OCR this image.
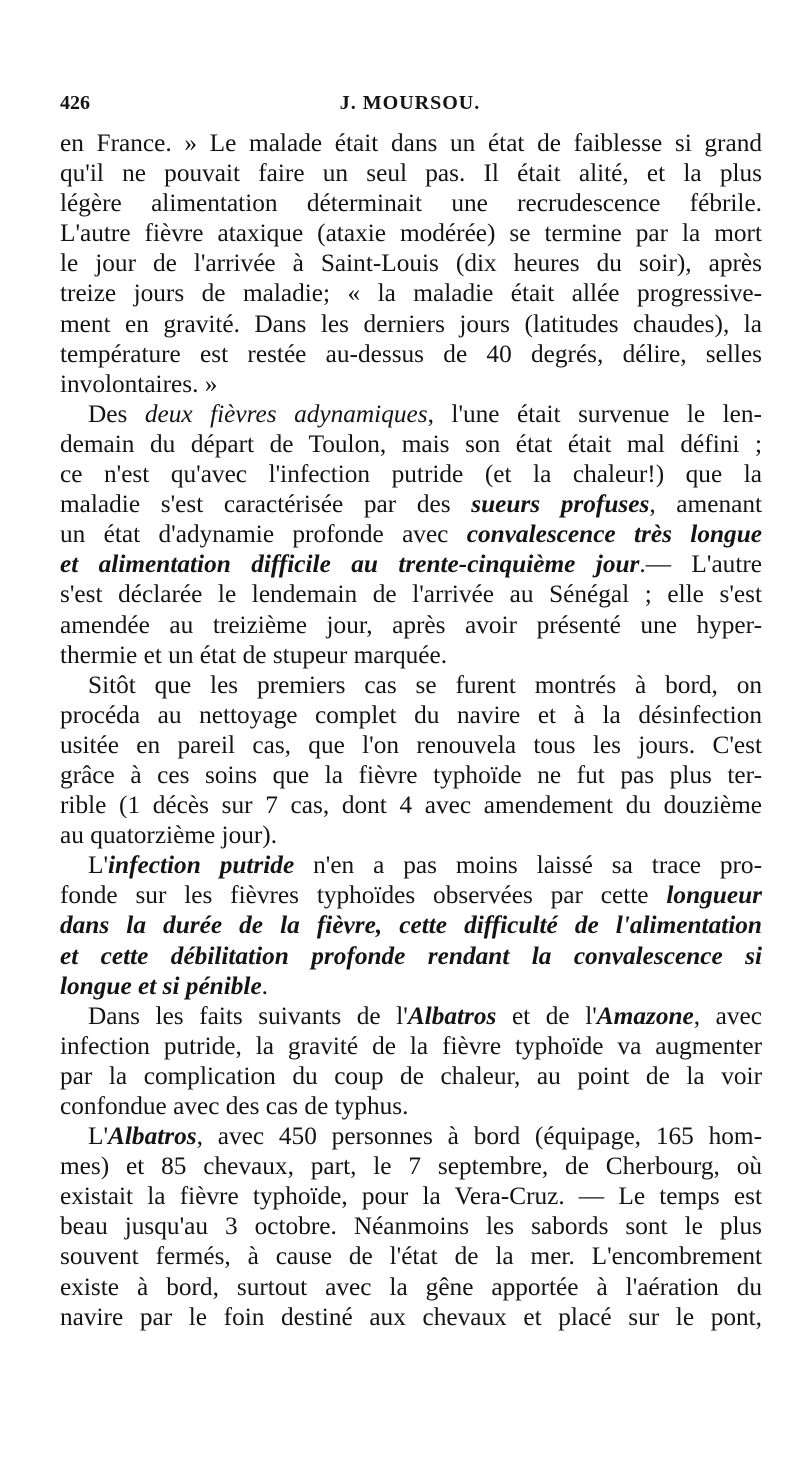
426	J. MOURSOU.
en France. » Le malade était dans un état de faiblesse si grand
qu'il ne pouvait faire un seul pas. Il était alité, et la plus
légère alimentation déterminait une recrudescence fébrile.
L'autre fièvre ataxique (ataxie modérée) se termine par la mort
le jour de l'arrivée à Saint-Louis (dix heures du soir), après
treize jours de maladie; « la maladie était allée progressive-
ment en gravité. Dans les derniers jours (latitudes chaudes), la
température est restée au-dessus de 40 degrés, délire, selles
involontaires. »
Des deux fièvres adynamiques, l'une était survenue le len-
demain du départ de Toulon, mais son état était mal défini ;
ce n'est qu'avec l'infection putride (et la chaleur!) que la
maladie s'est caractérisée par des sueurs profuses, amenant
un état d'adynamie profonde avec convalescence très longue
et alimentation difficile au trente-cinquième jour.— L'autre
s'est déclarée le lendemain de l'arrivée au Sénégal ; elle s'est
amendée au treizième jour, après avoir présenté une hyper-
thermie et un état de stupeur marquée.
Sitôt que les premiers cas se furent montrés à bord, on
procéda au nettoyage complet du navire et à la désinfection
usitée en pareil cas, que l'on renouvela tous les jours. C'est
grâce à ces soins que la fièvre typhoïde ne fut pas plus ter-
rible (1 décès sur 7 cas, dont 4 avec amendement du douzième
au quatorzième jour).
L'infection putride n'en a pas moins laissé sa trace pro-
fonde sur les fièvres typhoïdes observées par cette longueur
dans la durée de la fièvre, cette difficulté de l'alimentation
et cette débilitation profonde rendant la convalescence si
longue et si pénible.
Dans les faits suivants de l'Albatros et de l'Amazone, avec
infection putride, la gravité de la fièvre typhoïde va augmenter
par la complication du coup de chaleur, au point de la voir
confondue avec des cas de typhus.
L'Albatros, avec 450 personnes à bord (équipage, 165 hom-
mes) et 85 chevaux, part, le 7 septembre, de Cherbourg, où
existait la fièvre typhoïde, pour la Vera-Cruz. — Le temps est
beau jusqu'au 3 octobre. Néanmoins les sabords sont le plus
souvent fermés, à cause de l'état de la mer. L'encombrement
existe à bord, surtout avec la gêne apportée à l'aération du
navire par le foin destiné aux chevaux et placé sur le pont,
